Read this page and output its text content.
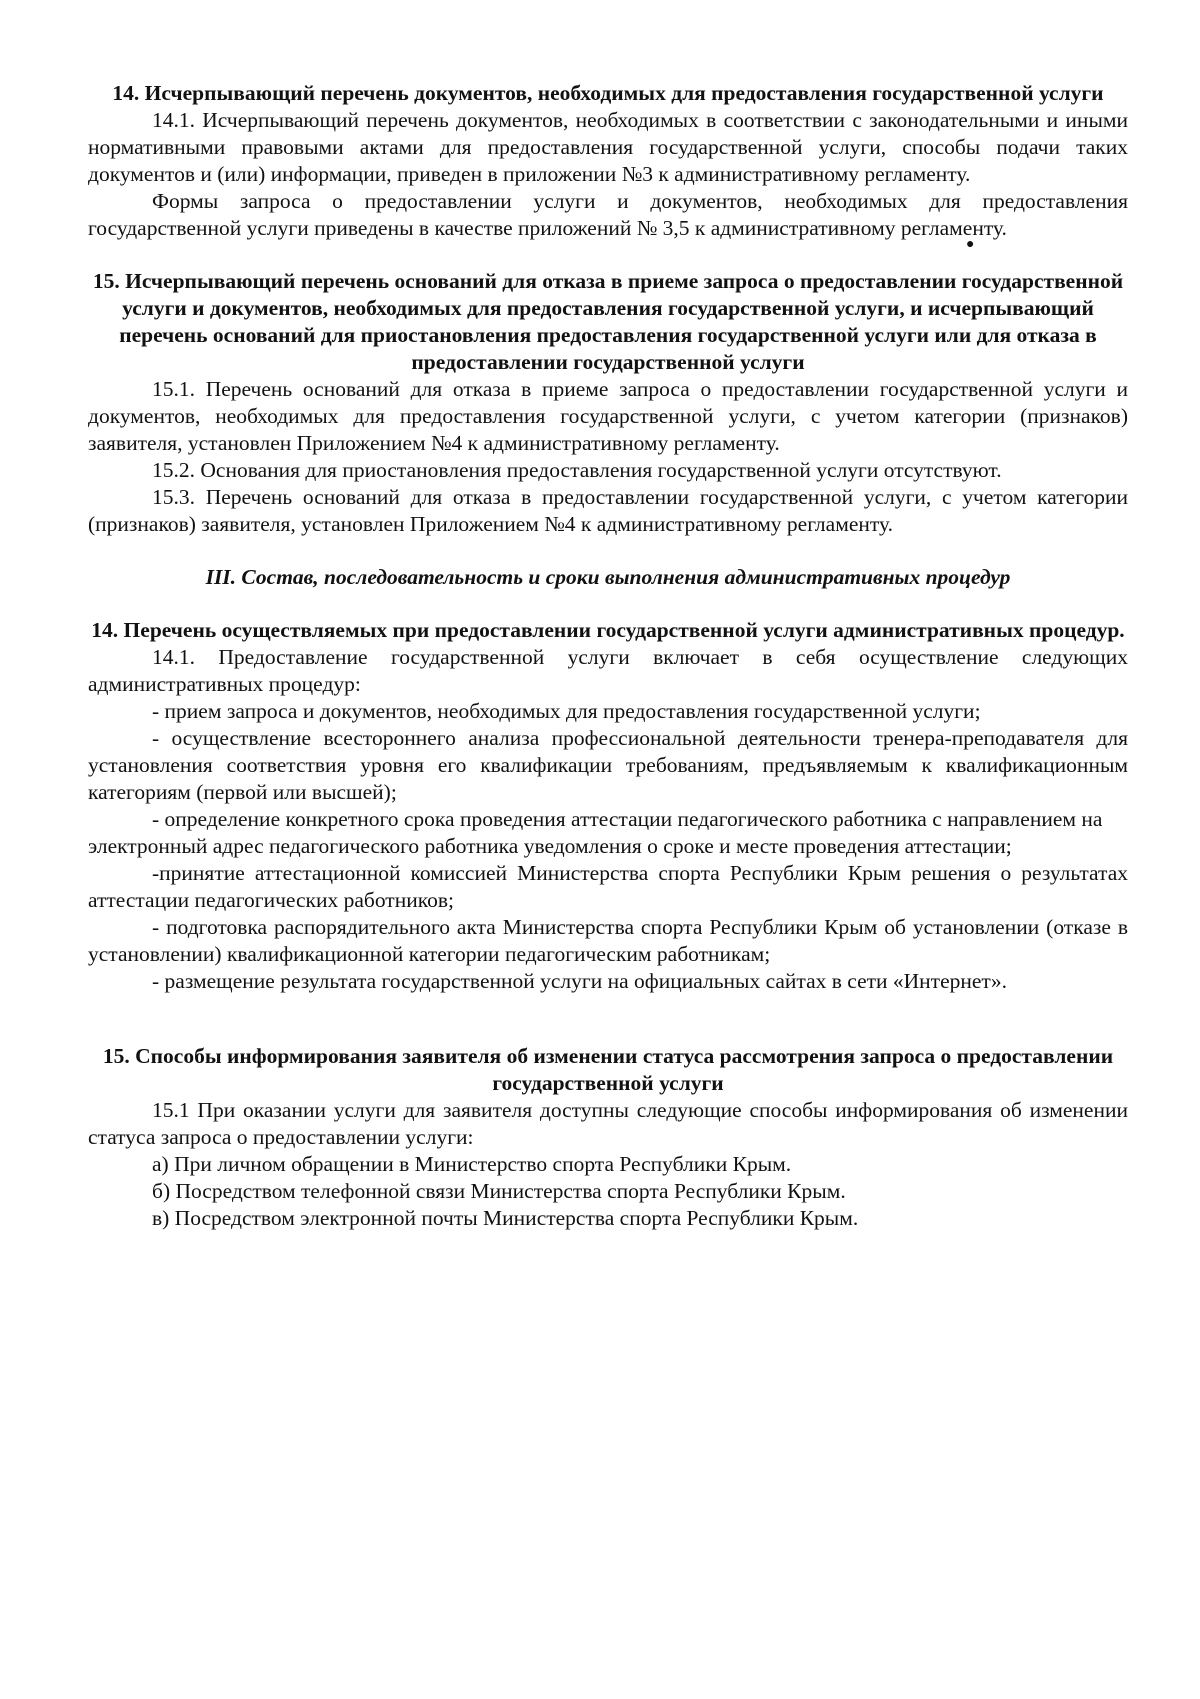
14. Исчерпывающий перечень документов, необходимых для предоставления государственной услуги

14.1. Исчерпывающий перечень документов, необходимых в соответствии с законодательными и иными нормативными правовыми актами для предоставления государственной услуги, способы подачи таких документов и (или) информации, приведен в приложении №3 к административному регламенту.

Формы запроса о предоставлении услуги и документов, необходимых для предоставления государственной услуги приведены в качестве приложений № 3,5 к административному регламенту.

15. Исчерпывающий перечень оснований для отказа в приеме запроса о предоставлении государственной услуги и документов, необходимых для предоставления государственной услуги, и исчерпывающий перечень оснований для приостановления предоставления государственной услуги или для отказа в предоставлении государственной услуги

15.1. Перечень оснований для отказа в приеме запроса о предоставлении государственной услуги и документов, необходимых для предоставления государственной услуги, с учетом категории (признаков) заявителя, установлен Приложением №4 к административному регламенту.

15.2. Основания для приостановления предоставления государственной услуги отсутствуют.

15.3. Перечень оснований для отказа в предоставлении государственной услуги, с учетом категории (признаков) заявителя, установлен Приложением №4 к административному регламенту.

III. Состав, последовательность и сроки выполнения административных процедур

14. Перечень осуществляемых при предоставлении государственной услуги административных процедур.

14.1. Предоставление государственной услуги включает в себя осуществление следующих административных процедур:

- прием запроса и документов, необходимых для предоставления государственной услуги;

- осуществление всестороннего анализа профессиональной деятельности тренера-преподавателя для установления соответствия уровня его квалификации требованиям, предъявляемым к квалификационным категориям (первой или высшей);

- определение конкретного срока проведения аттестации педагогического работника с направлением на электронный адрес педагогического работника уведомления о сроке и месте проведения аттестации;

-принятие аттестационной комиссией Министерства спорта Республики Крым решения о результатах аттестации педагогических работников;

- подготовка распорядительного акта Министерства спорта Республики Крым об установлении (отказе в установлении) квалификационной категории педагогическим работникам;

- размещение результата государственной услуги на официальных сайтах в сети «Интернет».

15. Способы информирования заявителя об изменении статуса рассмотрения запроса о предоставлении государственной услуги

15.1 При оказании услуги для заявителя доступны следующие способы информирования об изменении статуса запроса о предоставлении услуги:

а) При личном обращении в Министерство спорта Республики Крым.

б) Посредством телефонной связи Министерства спорта Республики Крым.

в) Посредством электронной почты Министерства спорта Республики Крым.

●
